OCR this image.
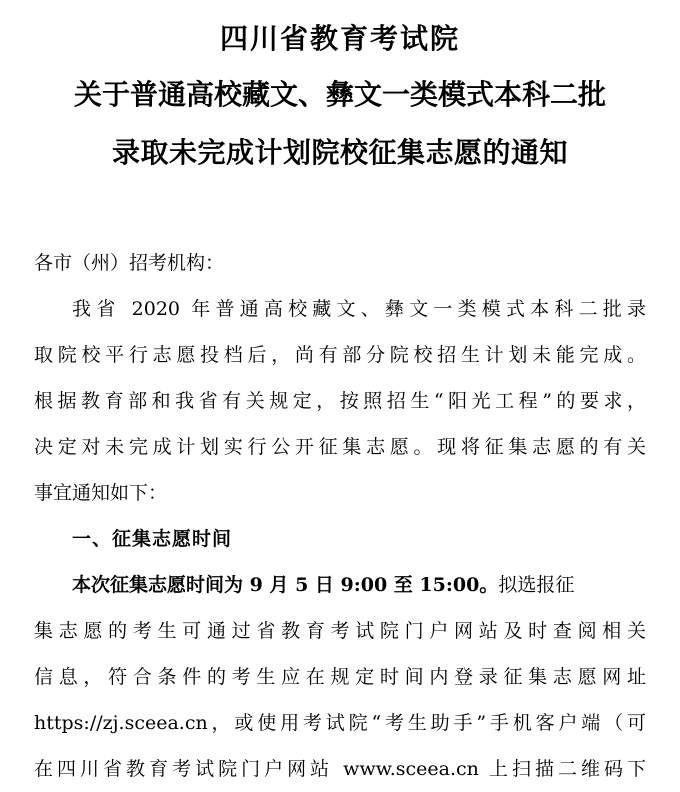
四川省教育考试院
关于普通高校藏文、彝文一类模式本科二批
录取未完成计划院校征集志愿的通知
各市（州）招考机构：
我省 2020 年普通高校藏文、彝文一类模式本科二批录
取院校平行志愿投档后，尚有部分院校招生计划未能完成。
根据教育部和我省有关规定，按照招生“阳光工程”的要求，
决定对未完成计划实行公开征集志愿。现将征集志愿的有关
事宜通知如下：
一、征集志愿时间
本次征集志愿时间为 9 月 5 日 9:00 至 15:00。拟选报征
集志愿的考生可通过省教育考试院门户网站及时查阅相关
信息，符合条件的考生应在规定时间内登录征集志愿网址
https://zj.sceea.cn，或使用考试院“考生助手”手机客户端（可
在四川省教育考试院门户网站 www.sceea.cn 上扫描二维码下
